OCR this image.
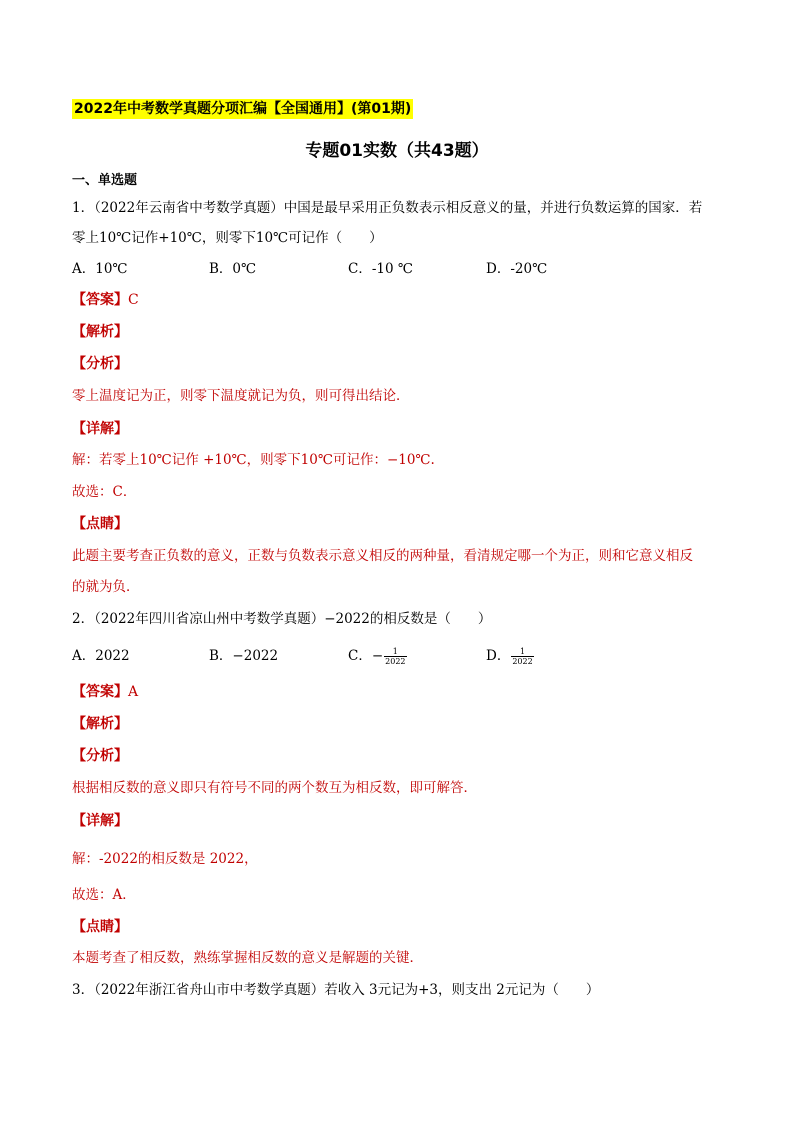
2022年中考数学真题分项汇编【全国通用】(第01期)
专题01实数（共43题）
一、单选题
1．（2022年云南省中考数学真题）中国是最早采用正负数表示相反意义的量，并进行负数运算的国家．若
零上10℃记作+10℃，则零下10℃可记作（　　）
A．10℃	B．0℃	C．-10 ℃	D．-20℃
【答案】C
【解析】
【分析】
零上温度记为正，则零下温度就记为负，则可得出结论．
【详解】
解：若零上10℃记作 +10℃，则零下10℃可记作：−10℃.
故选：C．
【点睛】
此题主要考查正负数的意义，正数与负数表示意义相反的两种量，看清规定哪一个为正，则和它意义相反
的就为负．
2．（2022年四川省凉山州中考数学真题）−2022的相反数是（　　）
A．2022	B．−2022	C．− $\frac{1}{2022}$	D． $\frac{1}{2022}$
【答案】A
【解析】
【分析】
根据相反数的意义即只有符号不同的两个数互为相反数，即可解答．
【详解】
解：-2022的相反数是 2022，
故选：A．
【点睛】
本题考查了相反数，熟练掌握相反数的意义是解题的关键．
3．（2022年浙江省舟山市中考数学真题）若收入 3元记为+3，则支出 2元记为（　　）
